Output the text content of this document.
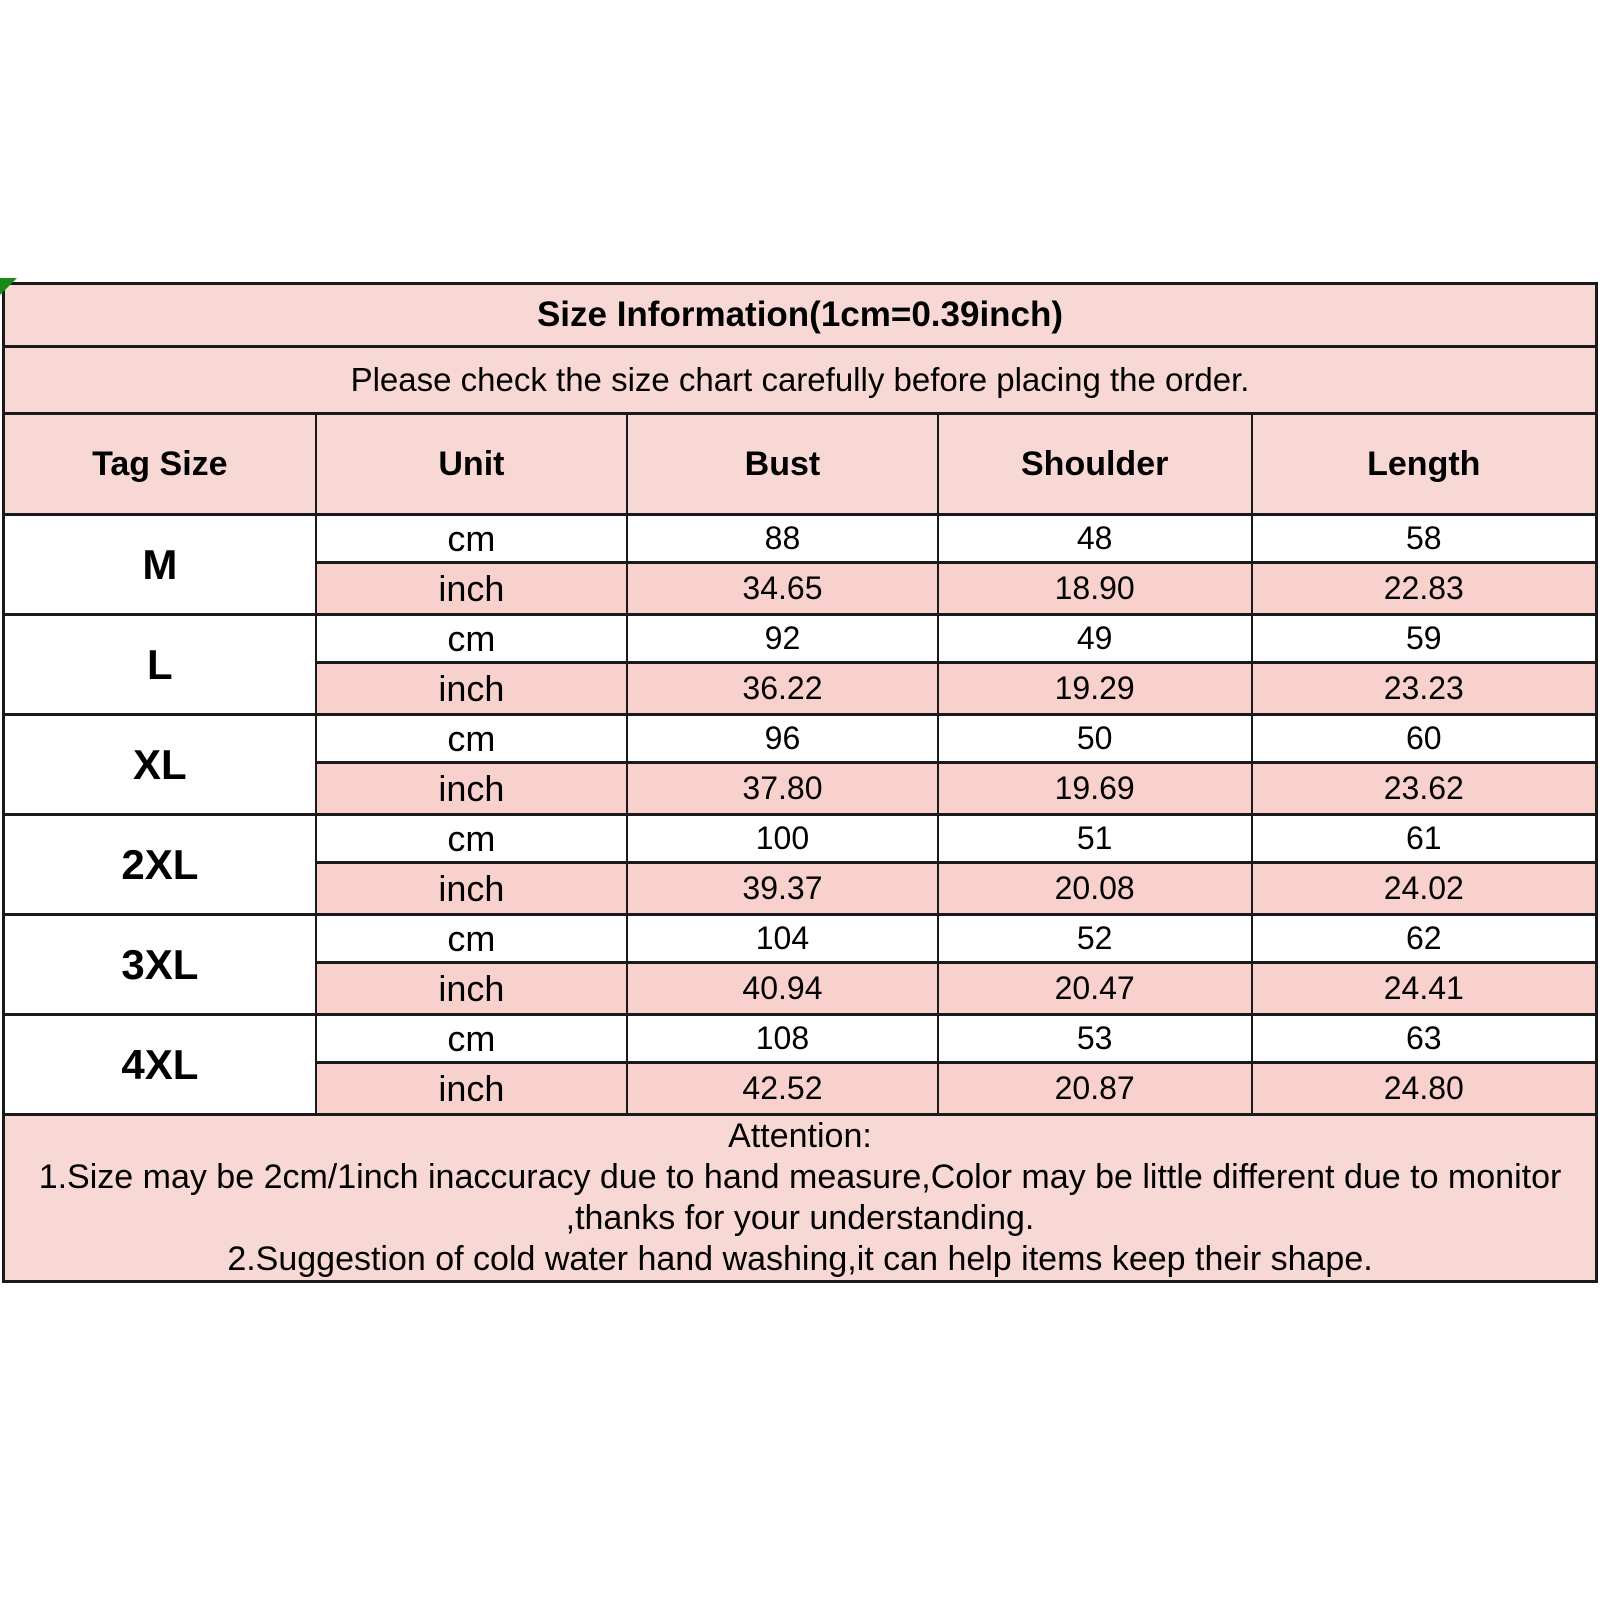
Size Information(1cm=0.39inch)				
Please check the size chart carefully before placing the order.				
Tag Size	Unit	Bust	Shoulder	Length
M	cm	88	48	58
	inch	34.65	18.90	22.83
L	cm	92	49	59
	inch	36.22	19.29	23.23
XL	cm	96	50	60
	inch	37.80	19.69	23.62
2XL	cm	100	51	61
	inch	39.37	20.08	24.02
3XL	cm	104	52	62
	inch	40.94	20.47	24.41
4XL	cm	108	53	63
	inch	42.52	20.87	24.80

Attention:
1.Size may be 2cm/1inch inaccuracy due to hand measure,Color may be little different due to monitor
,thanks for your understanding.
2.Suggestion of cold water hand washing,it can help items keep their shape.				
